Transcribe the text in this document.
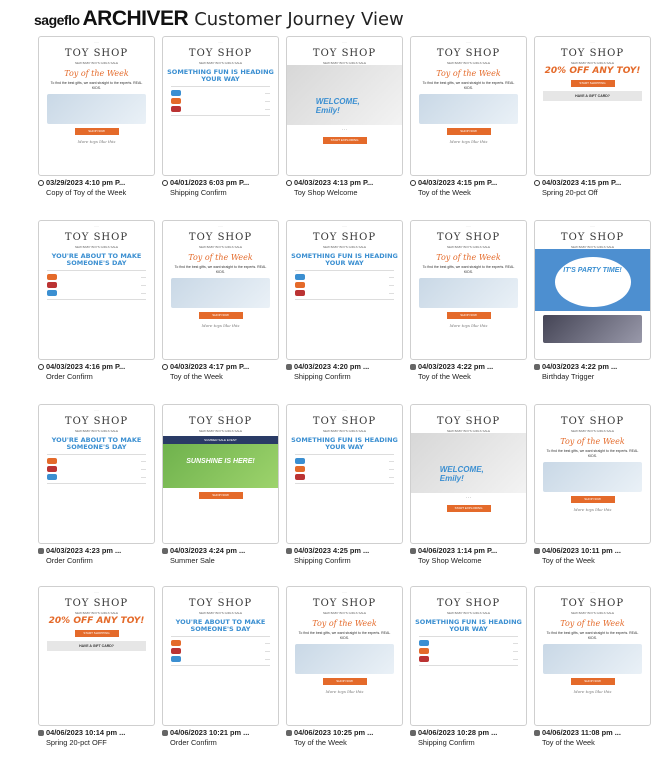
sageflo ARCHIVER Customer Journey View
·····
TOY SHOP
NEW BABY BOYS GIRLS SALE
Toy of the Week
To find the best gifts, we want straight to the experts. REAL KIDS.
SHOP NOW
More toys like this
03/29/2023 4:10 pm P...
Copy of Toy of the Week
·····
TOY SHOP
NEW BABY BOYS GIRLS SALE
SOMETHING FUN IS HEADING YOUR WAY
-----
-----
-----
04/01/2023 6:03 pm P...
Shipping Confirm
·····
TOY SHOP
NEW BABY BOYS GIRLS SALE
WELCOME, Emily!
· · ·
START EXPLORING
04/03/2023 4:13 pm P...
Toy Shop Welcome
·····
TOY SHOP
NEW BABY BOYS GIRLS SALE
Toy of the Week
To find the best gifts, we want straight to the experts. REAL KIDS.
SHOP NOW
More toys like this
04/03/2023 4:15 pm P...
Toy of the Week
·····
TOY SHOP
NEW BABY BOYS GIRLS SALE
20% OFF ANY TOY!
START SHOPPING
HAVE A GIFT CARD?
04/03/2023 4:15 pm P...
Spring 20-pct Off
·····
TOY SHOP
NEW BABY BOYS GIRLS SALE
YOU'RE ABOUT TO MAKE SOMEONE'S DAY
-----
-----
-----
04/03/2023 4:16 pm P...
Order Confirm
·····
TOY SHOP
NEW BABY BOYS GIRLS SALE
Toy of the Week
To find the best gifts, we want straight to the experts. REAL KIDS.
SHOP NOW
More toys like this
04/03/2023 4:17 pm P...
Toy of the Week
·····
TOY SHOP
NEW BABY BOYS GIRLS SALE
SOMETHING FUN IS HEADING YOUR WAY
-----
-----
-----
04/03/2023 4:20 pm ...
Shipping Confirm
·····
TOY SHOP
NEW BABY BOYS GIRLS SALE
Toy of the Week
To find the best gifts, we want straight to the experts. REAL KIDS.
SHOP NOW
More toys like this
04/03/2023 4:22 pm ...
Toy of the Week
·····
TOY SHOP
NEW BABY BOYS GIRLS SALE
IT'S PARTY TIME!
04/03/2023 4:22 pm ...
Birthday Trigger
·····
TOY SHOP
NEW BABY BOYS GIRLS SALE
YOU'RE ABOUT TO MAKE SOMEONE'S DAY
-----
-----
-----
04/03/2023 4:23 pm ...
Order Confirm
·····
TOY SHOP
NEW BABY BOYS GIRLS SALE
SUMMER SALE EVENT
SUNSHINE IS HERE!
SHOP NOW
04/03/2023 4:24 pm ...
Summer Sale
·····
TOY SHOP
NEW BABY BOYS GIRLS SALE
SOMETHING FUN IS HEADING YOUR WAY
-----
-----
-----
04/03/2023 4:25 pm ...
Shipping Confirm
·····
TOY SHOP
NEW BABY BOYS GIRLS SALE
WELCOME, Emily!
· · ·
START EXPLORING
04/06/2023 1:14 pm P...
Toy Shop Welcome
·····
TOY SHOP
NEW BABY BOYS GIRLS SALE
Toy of the Week
To find the best gifts, we want straight to the experts. REAL KIDS.
SHOP NOW
More toys like this
04/06/2023 10:11 pm ...
Toy of the Week
·····
TOY SHOP
NEW BABY BOYS GIRLS SALE
20% OFF ANY TOY!
START SHOPPING
HAVE A GIFT CARD?
04/06/2023 10:14 pm ...
Spring 20-pct OFF
·····
TOY SHOP
NEW BABY BOYS GIRLS SALE
YOU'RE ABOUT TO MAKE SOMEONE'S DAY
-----
-----
-----
04/06/2023 10:21 pm ...
Order Confirm
·····
TOY SHOP
NEW BABY BOYS GIRLS SALE
Toy of the Week
To find the best gifts, we want straight to the experts. REAL KIDS.
SHOP NOW
More toys like this
04/06/2023 10:25 pm ...
Toy of the Week
·····
TOY SHOP
NEW BABY BOYS GIRLS SALE
SOMETHING FUN IS HEADING YOUR WAY
-----
-----
-----
04/06/2023 10:28 pm ...
Shipping Confirm
·····
TOY SHOP
NEW BABY BOYS GIRLS SALE
Toy of the Week
To find the best gifts, we want straight to the experts. REAL KIDS.
SHOP NOW
More toys like this
04/06/2023 11:08 pm ...
Toy of the Week
